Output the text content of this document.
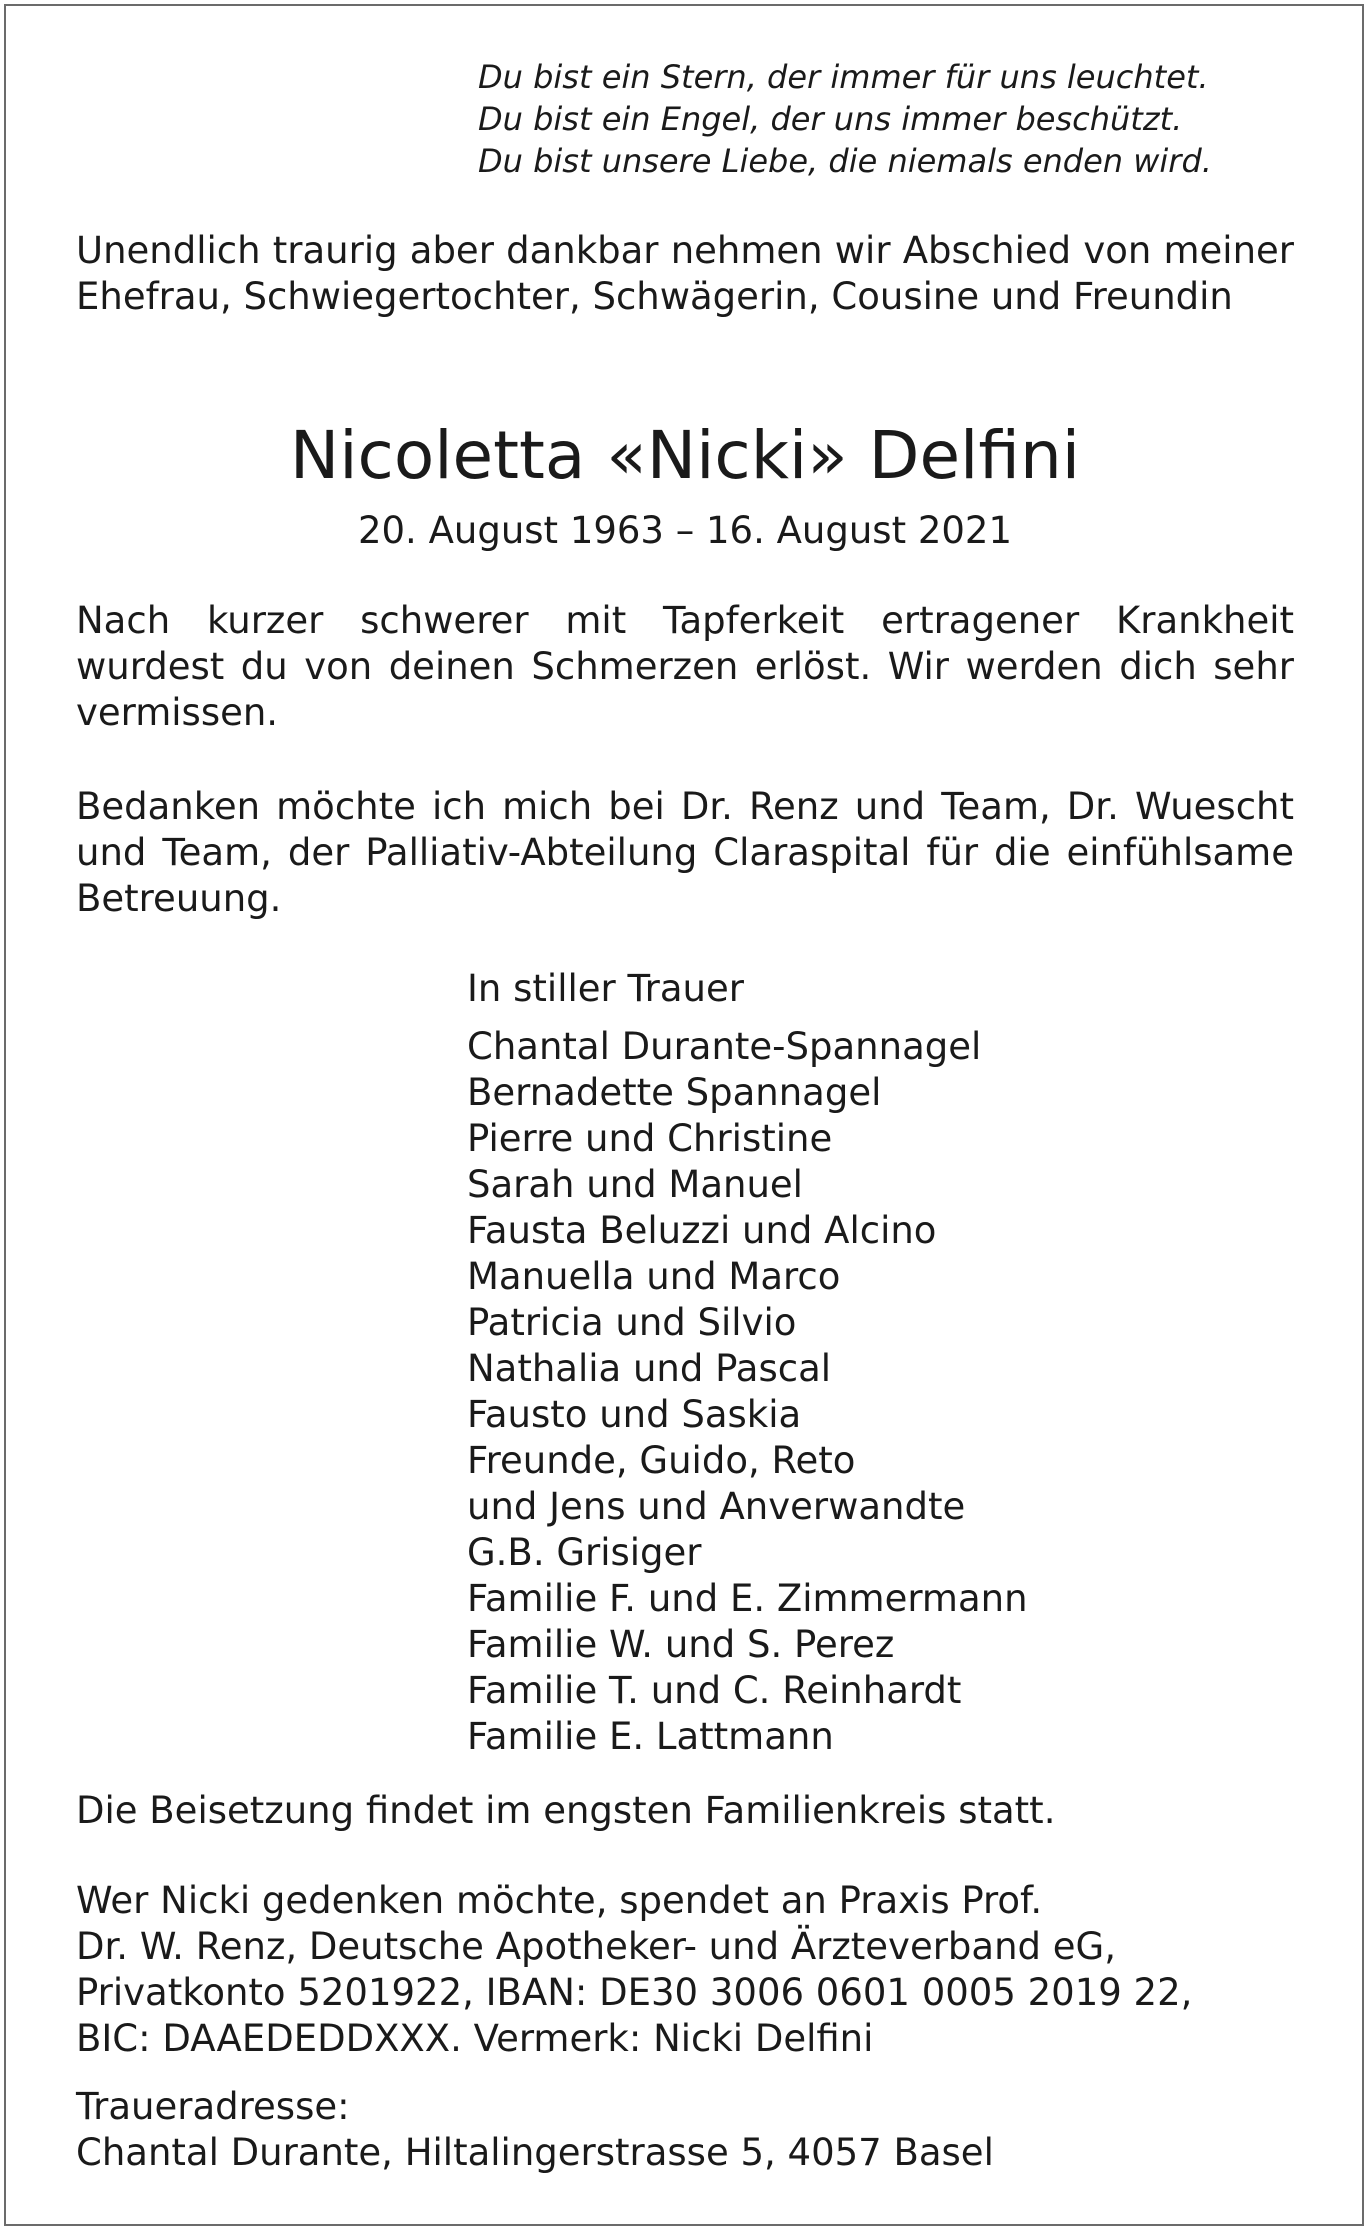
Du bist ein Stern, der immer für uns leuchtet.
Du bist ein Engel, der uns immer beschützt.
Du bist unsere Liebe, die niemals enden wird.

Unendlich traurig aber dankbar nehmen wir Abschied von meiner Ehefrau, Schwiegertochter, Schwägerin, Cousine und Freundin

Nicoletta «Nicki» Delfini
20. August 1963 – 16. August 2021

Nach kurzer schwerer mit Tapferkeit ertragener Krankheit wurdest du von deinen Schmerzen erlöst. Wir werden dich sehr vermissen.

Bedanken möchte ich mich bei Dr. Renz und Team, Dr. Wuescht und Team, der Palliativ-Abteilung Claraspital für die einfühlsame Betreuung.

In stiller Trauer
Chantal Durante-Spannagel
Bernadette Spannagel
Pierre und Christine
Sarah und Manuel
Fausta Beluzzi und Alcino
Manuella und Marco
Patricia und Silvio
Nathalia und Pascal
Fausto und Saskia
Freunde, Guido, Reto
und Jens und Anverwandte
G.B. Grisiger
Familie F. und E. Zimmermann
Familie W. und S. Perez
Familie T. und C. Reinhardt
Familie E. Lattmann
Die Beisetzung findet im engsten Familienkreis statt.
Wer Nicki gedenken möchte, spendet an Praxis Prof.
Dr. W. Renz, Deutsche Apotheker- und Ärzteverband eG,
Privatkonto 5201922, IBAN: DE30 3006 0601 0005 2019 22,
BIC: DAAEDEDDXXX. Vermerk: Nicki Delfini
Traueradresse:
Chantal Durante, Hiltalingerstrasse 5, 4057 Basel
